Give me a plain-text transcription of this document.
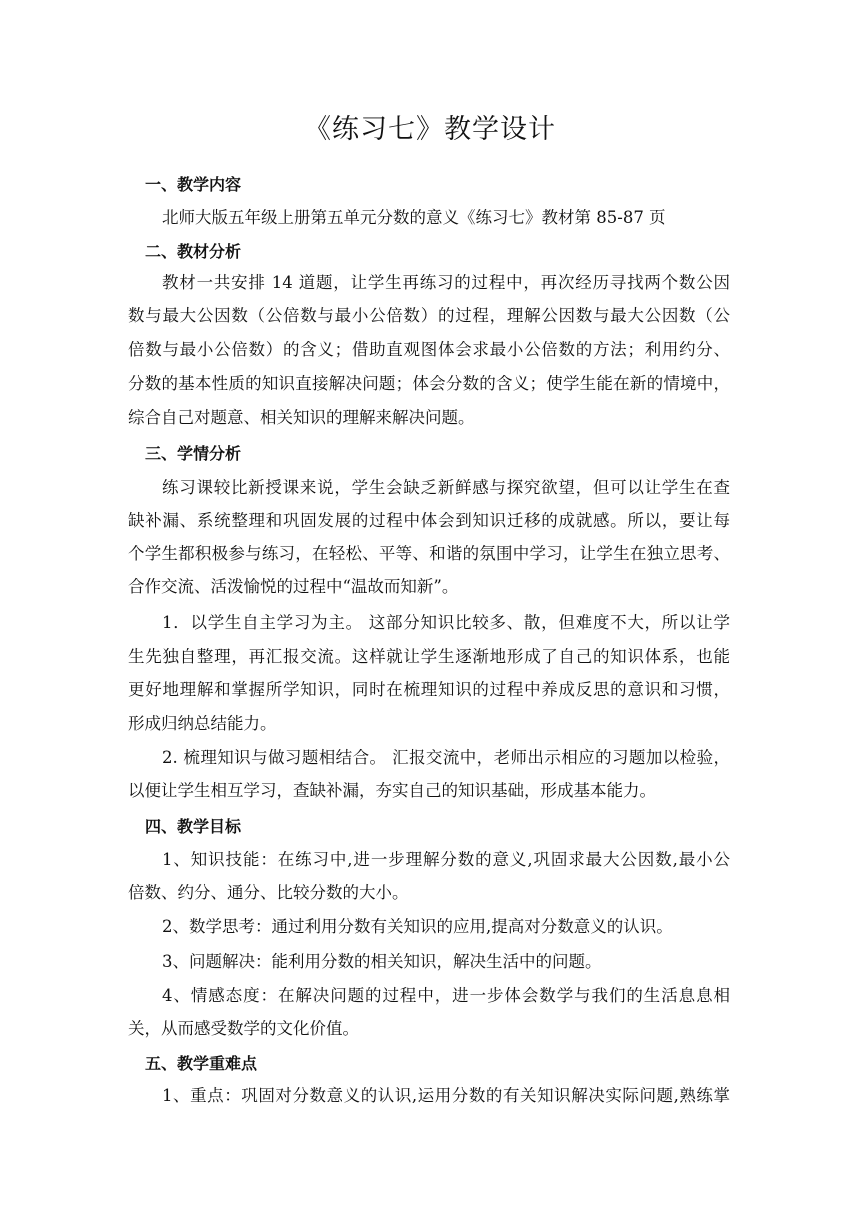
《练习七》教学设计
一、教学内容
北师大版五年级上册第五单元分数的意义《练习七》教材第 85-87 页
二、教材分析
教材一共安排 14 道题，让学生再练习的过程中，再次经历寻找两个数公因
数与最大公因数（公倍数与最小公倍数）的过程，理解公因数与最大公因数（公
倍数与最小公倍数）的含义；借助直观图体会求最小公倍数的方法；利用约分、
分数的基本性质的知识直接解决问题；体会分数的含义；使学生能在新的情境中，
综合自己对题意、相关知识的理解来解决问题。
三、学情分析
练习课较比新授课来说，学生会缺乏新鲜感与探究欲望，但可以让学生在查
缺补漏、系统整理和巩固发展的过程中体会到知识迁移的成就感。所以，要让每
个学生都积极参与练习，在轻松、平等、和谐的氛围中学习，让学生在独立思考、
合作交流、活泼愉悦的过程中“温故而知新”。
1．以学生自主学习为主。 这部分知识比较多、散，但难度不大，所以让学
生先独自整理，再汇报交流。这样就让学生逐渐地形成了自己的知识体系，也能
更好地理解和掌握所学知识，同时在梳理知识的过程中养成反思的意识和习惯，
形成归纳总结能力。
2. 梳理知识与做习题相结合。 汇报交流中，老师出示相应的习题加以检验，
以便让学生相互学习，查缺补漏，夯实自己的知识基础，形成基本能力。
四、教学目标
1、知识技能：在练习中,进一步理解分数的意义,巩固求最大公因数,最小公
倍数、约分、通分、比较分数的大小。
2、数学思考：通过利用分数有关知识的应用,提高对分数意义的认识。
3、问题解决：能利用分数的相关知识，解决生活中的问题。
4、情感态度：在解决问题的过程中，进一步体会数学与我们的生活息息相
关，从而感受数学的文化价值。
五、教学重难点
1、重点：巩固对分数意义的认识,运用分数的有关知识解决实际问题,熟练掌
